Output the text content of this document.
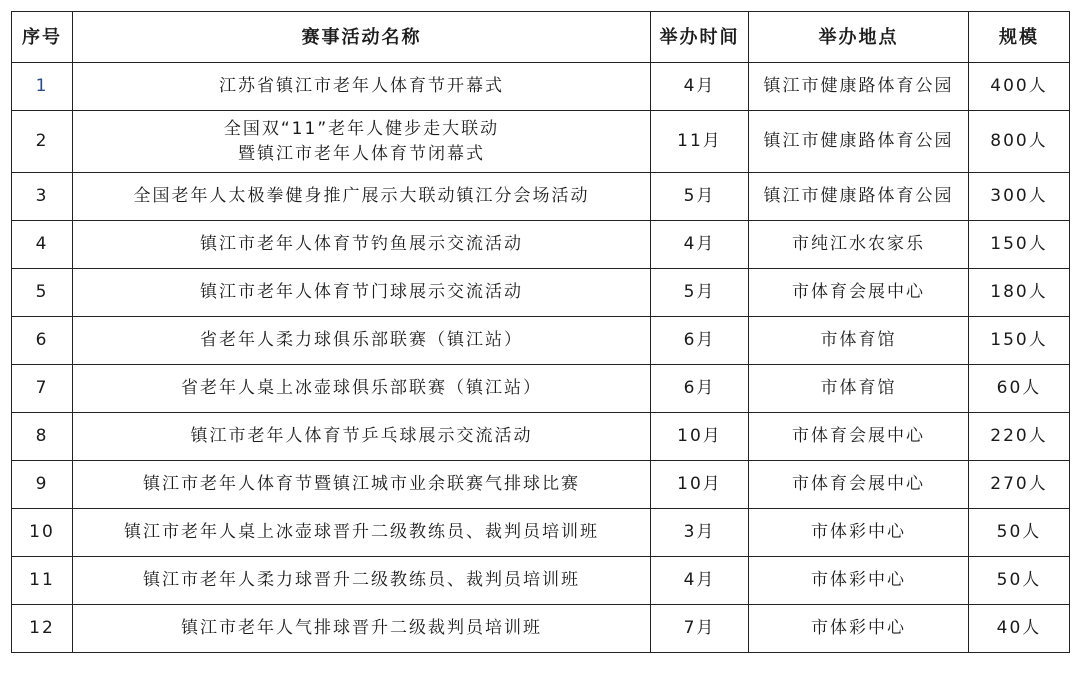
序号	赛事活动名称	举办时间	举办地点	规模
1	江苏省镇江市老年人体育节开幕式	4月	镇江市健康路体育公园	400人
2	全国双“11”老年人健步走大联动
暨镇江市老年人体育节闭幕式	11月	镇江市健康路体育公园	800人
3	全国老年人太极拳健身推广展示大联动镇江分会场活动	5月	镇江市健康路体育公园	300人
4	镇江市老年人体育节钓鱼展示交流活动	4月	市纯江水农家乐	150人
5	镇江市老年人体育节门球展示交流活动	5月	市体育会展中心	180人
6	省老年人柔力球俱乐部联赛（镇江站）	6月	市体育馆	150人
7	省老年人桌上冰壶球俱乐部联赛（镇江站）	6月	市体育馆	60人
8	镇江市老年人体育节乒乓球展示交流活动	10月	市体育会展中心	220人
9	镇江市老年人体育节暨镇江城市业余联赛气排球比赛	10月	市体育会展中心	270人
10	镇江市老年人桌上冰壶球晋升二级教练员、裁判员培训班	3月	市体彩中心	50人
11	镇江市老年人柔力球晋升二级教练员、裁判员培训班	4月	市体彩中心	50人
12	镇江市老年人气排球晋升二级裁判员培训班	7月	市体彩中心	40人
